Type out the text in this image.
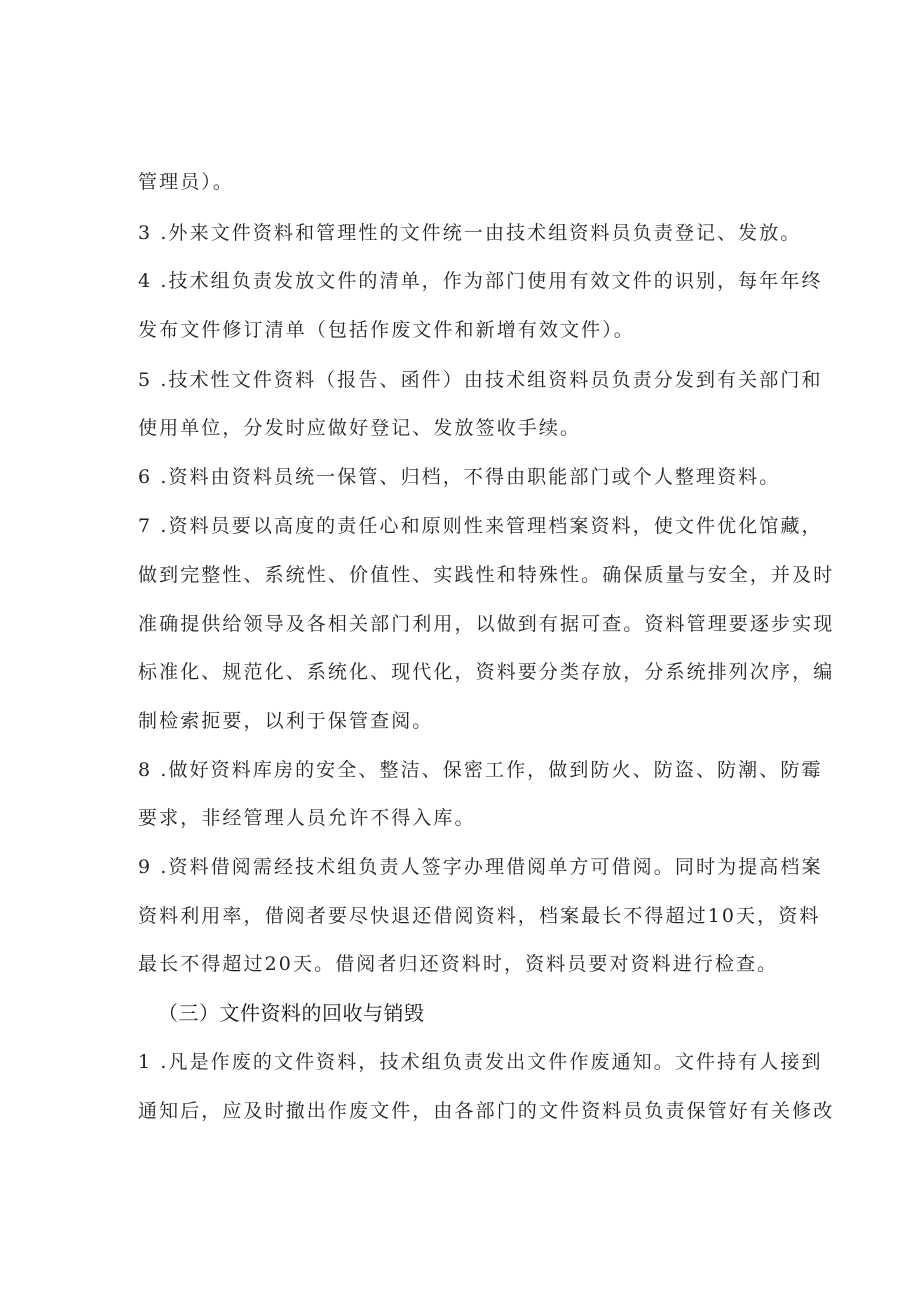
管理员）。
3 .外来文件资料和管理性的文件统一由技术组资料员负责登记、发放。
4 .技术组负责发放文件的清单，作为部门使用有效文件的识别，每年年终
发布文件修订清单（包括作废文件和新增有效文件）。
5 .技术性文件资料（报告、函件）由技术组资料员负责分发到有关部门和
使用单位，分发时应做好登记、发放签收手续。
6 .资料由资料员统一保管、归档，不得由职能部门或个人整理资料。
7 .资料员要以高度的责任心和原则性来管理档案资料，使文件优化馆藏，
做到完整性、系统性、价值性、实践性和特殊性。确保质量与安全，并及时
准确提供给领导及各相关部门利用，以做到有据可查。资料管理要逐步实现
标准化、规范化、系统化、现代化，资料要分类存放，分系统排列次序，编
制检索扼要，以利于保管查阅。
8 .做好资料库房的安全、整洁、保密工作，做到防火、防盗、防潮、防霉
要求，非经管理人员允许不得入库。
9 .资料借阅需经技术组负责人签字办理借阅单方可借阅。同时为提高档案
资料利用率，借阅者要尽快退还借阅资料，档案最长不得超过10天，资料
最长不得超过20天。借阅者归还资料时，资料员要对资料进行检查。
（三）文件资料的回收与销毁
1 .凡是作废的文件资料，技术组负责发出文件作废通知。文件持有人接到
通知后，应及时撤出作废文件，由各部门的文件资料员负责保管好有关修改
